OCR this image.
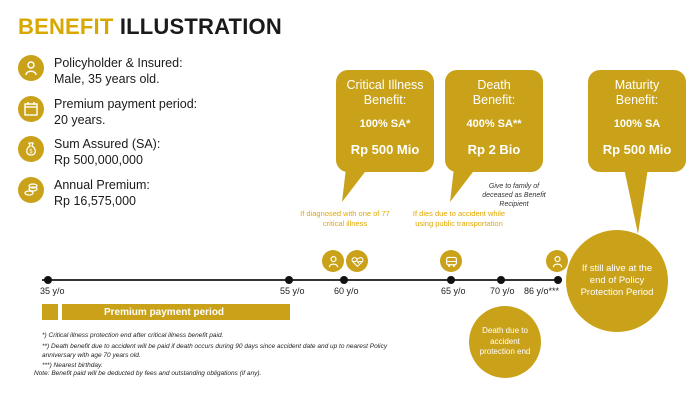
BENEFIT ILLUSTRATION
Policyholder & Insured:
Male, 35 years old.
Premium payment period:
20 years.
$
Sum Assured (SA):
Rp 500,000,000
Annual Premium:
Rp 16,575,000
Critical Illness
Benefit:
100% SA*
Rp 500 Mio
Death
Benefit:
400% SA**
Rp 2 Bio
Maturity
Benefit:
100% SA
Rp 500 Mio
Give to family of deceased as Benefit Recipient
If diagnosed with one of 77 critical illness
If dies due to accident while using public transportation
35 y/o	55 y/o	60 y/o	65 y/o	70 y/o 86 y/o***
Premium payment period
If still alive at the end of Policy Protection Period
Death due to accident protection end
*) Critical illness protection end after critical illness benefit paid.
**) Death benefit due to accident will be paid if death occurs during 90 days since accident date and up to nearest Policy anniversary with age 70 years old.
***) Nearest birthday.
Note: Benefit paid will be deducted by fees and outstanding obligations (if any).
